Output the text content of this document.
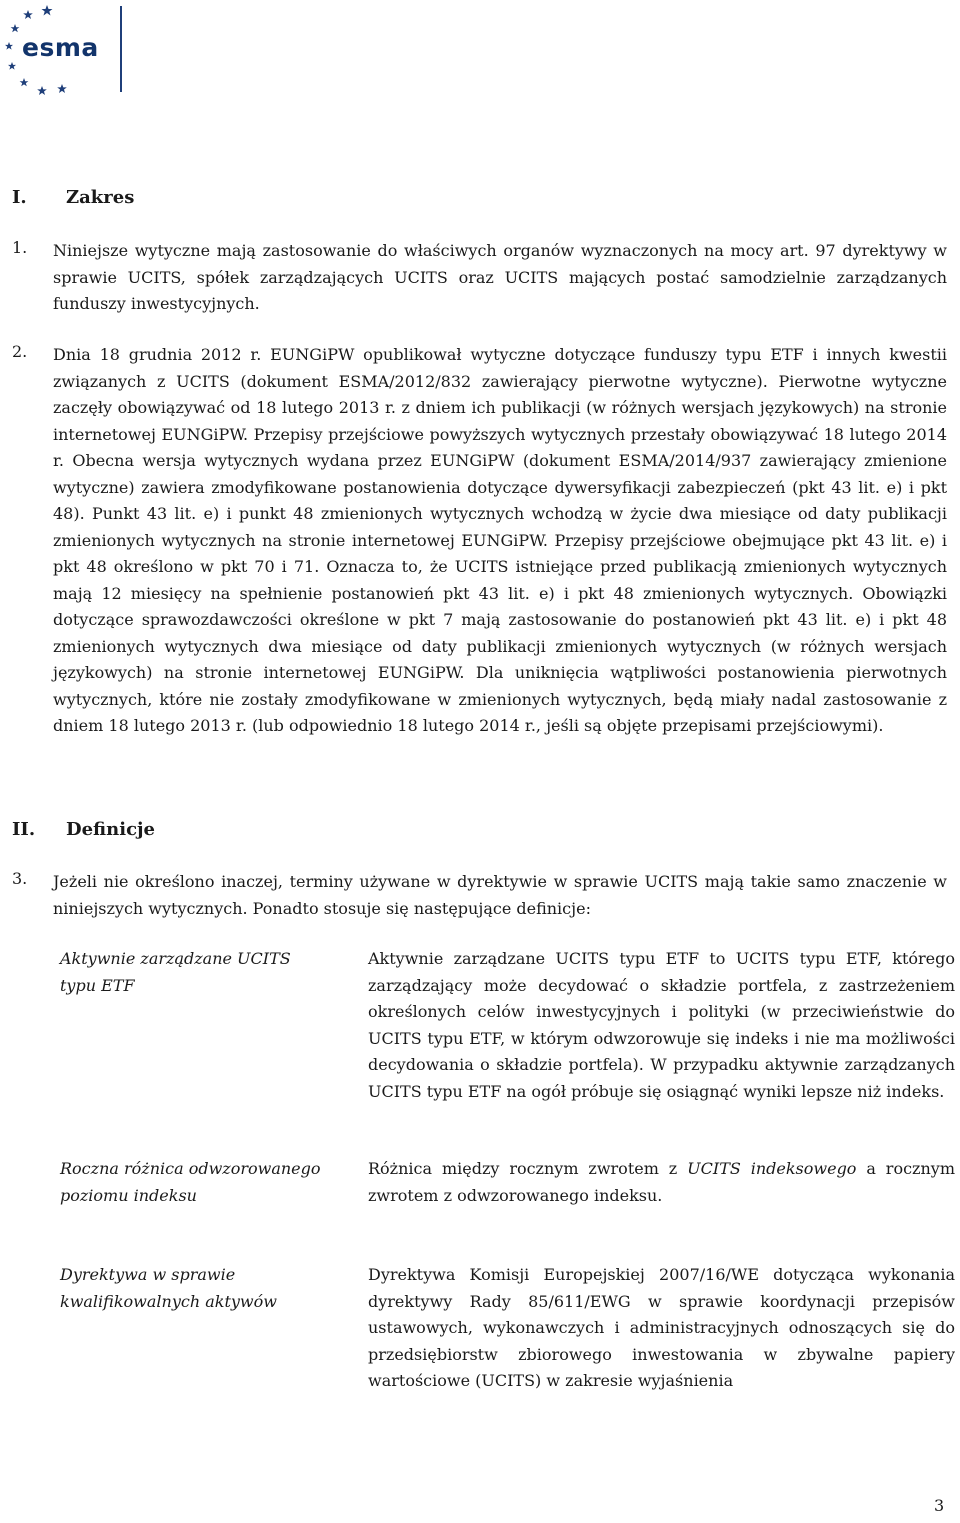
esma
I. Zakres
1. Niniejsze wytyczne mają zastosowanie do właściwych organów wyznaczonych na mocy art. 97 dyrektywy w sprawie UCITS, spółek zarządzających UCITS oraz UCITS mających postać samodzielnie zarządzanych funduszy inwestycyjnych.
2. Dnia 18 grudnia 2012 r. EUNGiPW opublikował wytyczne dotyczące funduszy typu ETF i innych kwestii związanych z UCITS (dokument ESMA/2012/832 zawierający pierwotne wytyczne). Pierwotne wytyczne zaczęły obowiązywać od 18 lutego 2013 r. z dniem ich publikacji (w różnych wersjach językowych) na stronie internetowej EUNGiPW. Przepisy przejściowe powyższych wytycznych przestały obowiązywać 18 lutego 2014 r. Obecna wersja wytycznych wydana przez EUNGiPW (dokument ESMA/2014/937 zawierający zmienione wytyczne) zawiera zmodyfikowane postanowienia dotyczące dywersyfikacji zabezpieczeń (pkt 43 lit. e) i pkt 48). Punkt 43 lit. e) i punkt 48 zmienionych wytycznych wchodzą w życie dwa miesiące od daty publikacji zmienionych wytycznych na stronie internetowej EUNGiPW. Przepisy przejściowe obejmujące pkt 43 lit. e) i pkt 48 określono w pkt 70 i 71. Oznacza to, że UCITS istniejące przed publikacją zmienionych wytycznych mają 12 miesięcy na spełnienie postanowień pkt 43 lit. e) i pkt 48 zmienionych wytycznych. Obowiązki dotyczące sprawozdawczości określone w pkt 7 mają zastosowanie do postanowień pkt 43 lit. e) i pkt 48 zmienionych wytycznych dwa miesiące od daty publikacji zmienionych wytycznych (w różnych wersjach językowych) na stronie internetowej EUNGiPW. Dla uniknięcia wątpliwości postanowienia pierwotnych wytycznych, które nie zostały zmodyfikowane w zmienionych wytycznych, będą miały nadal zastosowanie z dniem 18 lutego 2013 r. (lub odpowiednio 18 lutego 2014 r., jeśli są objęte przepisami przejściowymi).
II. Definicje
3. Jeżeli nie określono inaczej, terminy używane w dyrektywie w sprawie UCITS mają takie samo znaczenie w niniejszych wytycznych. Ponadto stosuje się następujące definicje:
Aktywnie zarządzane UCITS typu ETF
Aktywnie zarządzane UCITS typu ETF to UCITS typu ETF, którego zarządzający może decydować o składzie portfela, z zastrzeżeniem określonych celów inwestycyjnych i polityki (w przeciwieństwie do UCITS typu ETF, w którym odwzorowuje się indeks i nie ma możliwości decydowania o składzie portfela). W przypadku aktywnie zarządzanych UCITS typu ETF na ogół próbuje się osiągnąć wyniki lepsze niż indeks.
Roczna różnica odwzorowanego poziomu indeksu
Różnica między rocznym zwrotem z UCITS indeksowego a rocznym zwrotem z odwzorowanego indeksu.
Dyrektywa w sprawie kwalifikowalnych aktywów
Dyrektywa Komisji Europejskiej 2007/16/WE dotycząca wykonania dyrektywy Rady 85/611/EWG w sprawie koordynacji przepisów ustawowych, wykonawczych i administracyjnych odnoszących się do przedsiębiorstw zbiorowego inwestowania w zbywalne papiery wartościowe (UCITS) w zakresie wyjaśnienia
3
